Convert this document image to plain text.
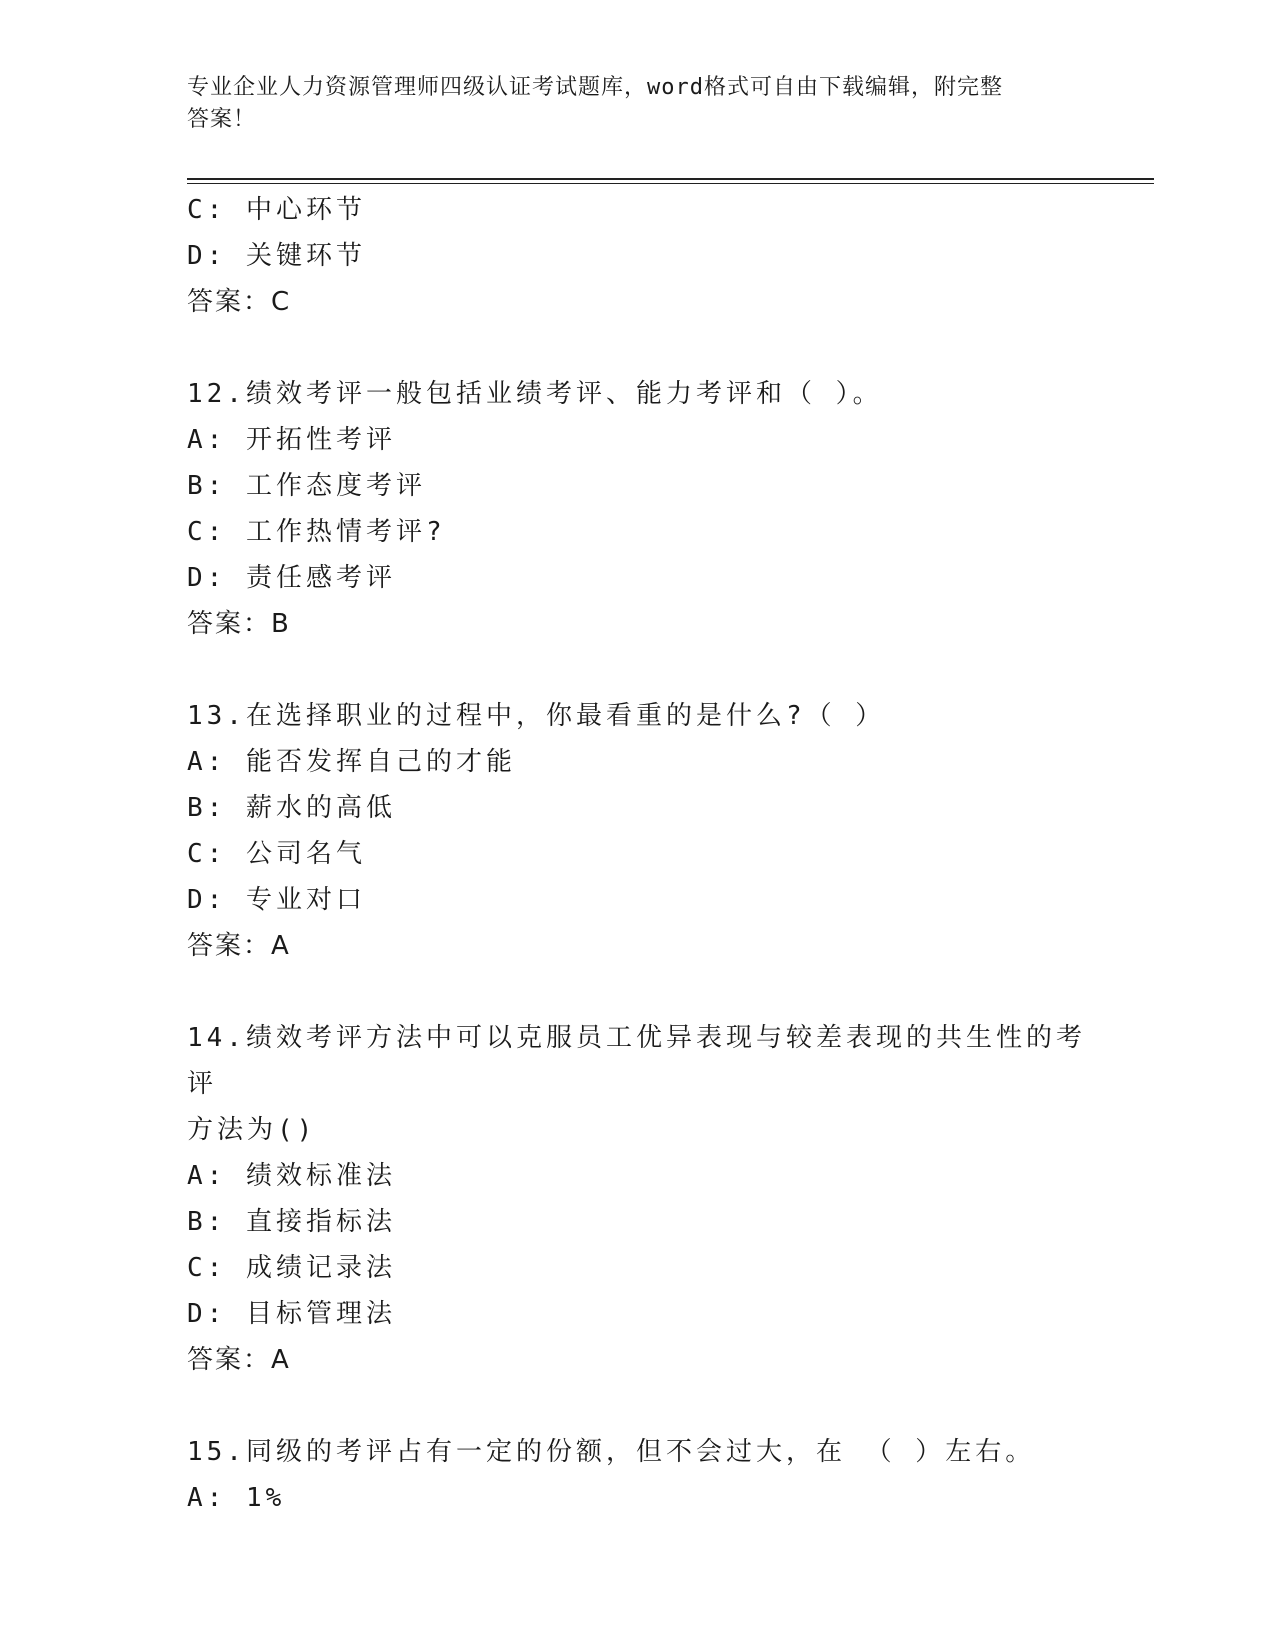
专业企业人力资源管理师四级认证考试题库，word格式可自由下载编辑，附完整
答案！
C: 中心环节
D: 关键环节
答案：C
12.绩效考评一般包括业绩考评、能力考评和（ ）。
A: 开拓性考评
B: 工作态度考评
C: 工作热情考评?
D: 责任感考评
答案：B
13.在选择职业的过程中，你最看重的是什么?（ ）
A: 能否发挥自己的才能
B: 薪水的高低
C: 公司名气
D: 专业对口
答案：A
14.绩效考评方法中可以克服员工优异表现与较差表现的共生性的考评
方法为()
A: 绩效标准法
B: 直接指标法
C: 成绩记录法
D: 目标管理法
答案：A
15.同级的考评占有一定的份额，但不会过大，在 （ ）左右。
A: 1%
